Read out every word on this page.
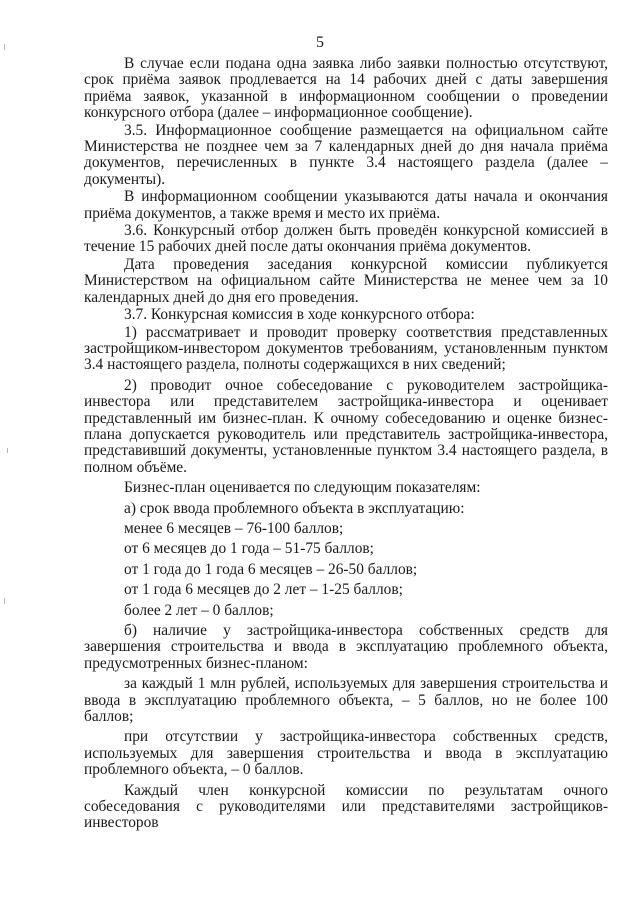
5

В случае если подана одна заявка либо заявки полностью отсутствуют, срок приёма заявок продлевается на 14 рабочих дней с даты завершения приёма заявок, указанной в информационном сообщении о проведении конкурсного отбора (далее – информационное сообщение).

3.5. Информационное сообщение размещается на официальном сайте Министерства не позднее чем за 7 календарных дней до дня начала приёма документов, перечисленных в пункте 3.4 настоящего раздела (далее – документы).

В информационном сообщении указываются даты начала и окончания приёма документов, а также время и место их приёма.

3.6. Конкурсный отбор должен быть проведён конкурсной комиссией в течение 15 рабочих дней после даты окончания приёма документов.

Дата проведения заседания конкурсной комиссии публикуется Министерством на официальном сайте Министерства не менее чем за 10 календарных дней до дня его проведения.

3.7. Конкурсная комиссия в ходе конкурсного отбора:

1) рассматривает и проводит проверку соответствия представленных застройщиком-инвестором документов требованиям, установленным пунктом 3.4 настоящего раздела, полноты содержащихся в них сведений;

2) проводит очное собеседование с руководителем застройщика-инвестора или представителем застройщика-инвестора и оценивает представленный им бизнес-план. К очному собеседованию и оценке бизнес-плана допускается руководитель или представитель застройщика-инвестора, представивший документы, установленные пунктом 3.4 настоящего раздела, в полном объёме.

Бизнес-план оценивается по следующим показателям:

а) срок ввода проблемного объекта в эксплуатацию:

менее 6 месяцев – 76-100 баллов;

от 6 месяцев до 1 года – 51-75 баллов;

от 1 года до 1 года 6 месяцев – 26-50 баллов;

от 1 года 6 месяцев до 2 лет – 1-25 баллов;

более 2 лет – 0 баллов;

б) наличие у застройщика-инвестора собственных средств для завершения строительства и ввода в эксплуатацию проблемного объекта, предусмотренных бизнес-планом:

за каждый 1 млн рублей, используемых для завершения строительства и ввода в эксплуатацию проблемного объекта, – 5 баллов, но не более 100 баллов;

при отсутствии у застройщика-инвестора собственных средств, используемых для завершения строительства и ввода в эксплуатацию проблемного объекта, – 0 баллов.

Каждый член конкурсной комиссии по результатам очного собеседования с руководителями или представителями застройщиков-инвесторов
